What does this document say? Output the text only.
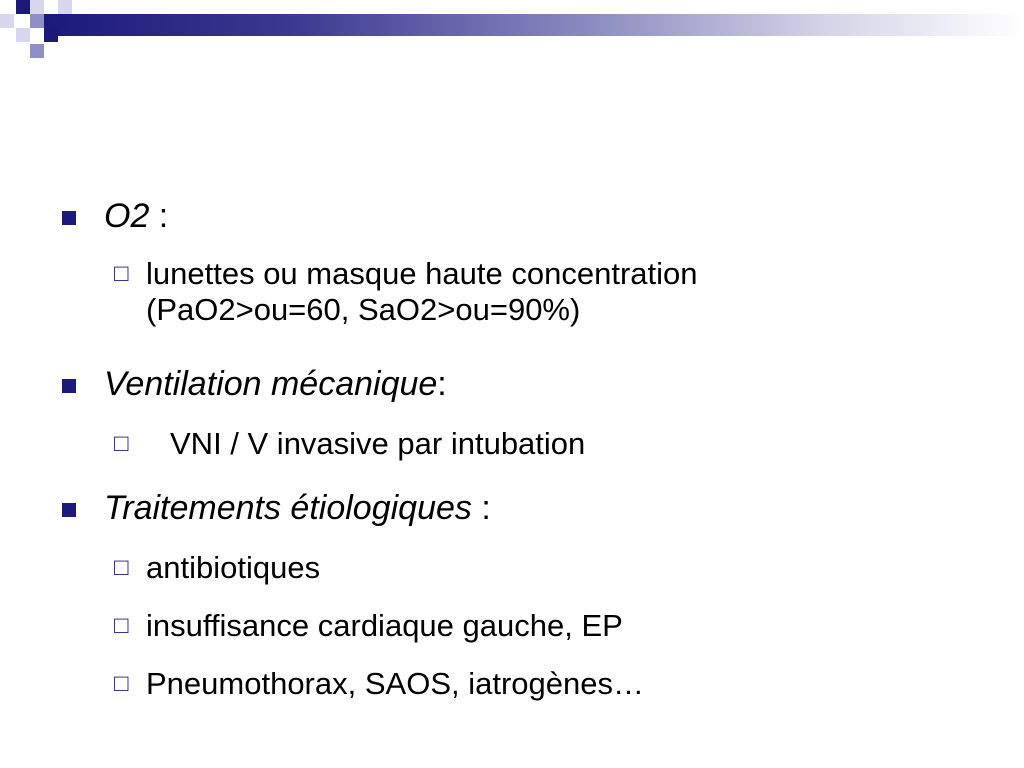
O2 :
□ lunettes ou masque haute concentration
(PaO2>ou=60, SaO2>ou=90%)
Ventilation mécanique:
□	VNI / V invasive par intubation
Traitements étiologiques :
□ antibiotiques
□ insuffisance cardiaque gauche, EP
□ Pneumothorax, SAOS, iatrogènes…
